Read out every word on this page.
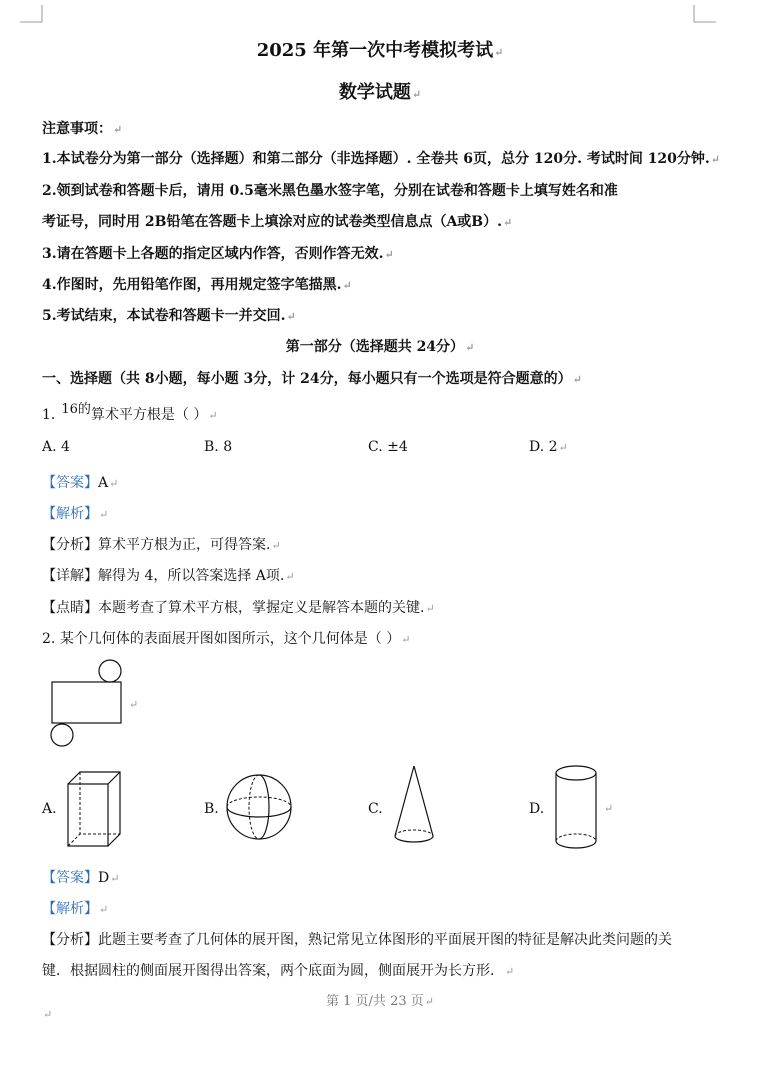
2025 年第一次中考模拟考试↵
数学试题↵
注意事项：↵
1.本试卷分为第一部分（选择题）和第二部分（非选择题）. 全卷共 6页，总分 120分. 考试时间 120分钟.↵
2.领到试卷和答题卡后，请用 0.5毫米黑色墨水签字笔，分别在试卷和答题卡上填写姓名和准
考证号，同时用 2B铅笔在答题卡上填涂对应的试卷类型信息点（A或B）.↵
3.请在答题卡上各题的指定区域内作答，否则作答无效.↵
4.作图时，先用铅笔作图，再用规定签字笔描黑.↵
5.考试结束，本试卷和答题卡一并交回.↵
第一部分（选择题共 24分）↵
一、选择题（共 8小题，每小题 3分，计 24分，每小题只有一个选项是符合题意的）↵
1. 16的算术平方根是（ ）↵
A. 4	B. 8	C. ±4	D. 2↵
【答案】A↵
【解析】↵
【分析】算术平方根为正，可得答案.↵
【详解】解得为 4，所以答案选择 A项.↵
【点睛】本题考查了算术平方根，掌握定义是解答本题的关键.↵
2. 某个几何体的表面展开图如图所示，这个几何体是（ ）↵
↵
A.	B.	C.	D.	↵
【答案】D↵
【解析】↵
【分析】此题主要考查了几何体的展开图，熟记常见立体图形的平面展开图的特征是解决此类问题的关
键．根据圆柱的侧面展开图得出答案，两个底面为圆，侧面展开为长方形．↵
第 1 页/共 23 页↵
↵
